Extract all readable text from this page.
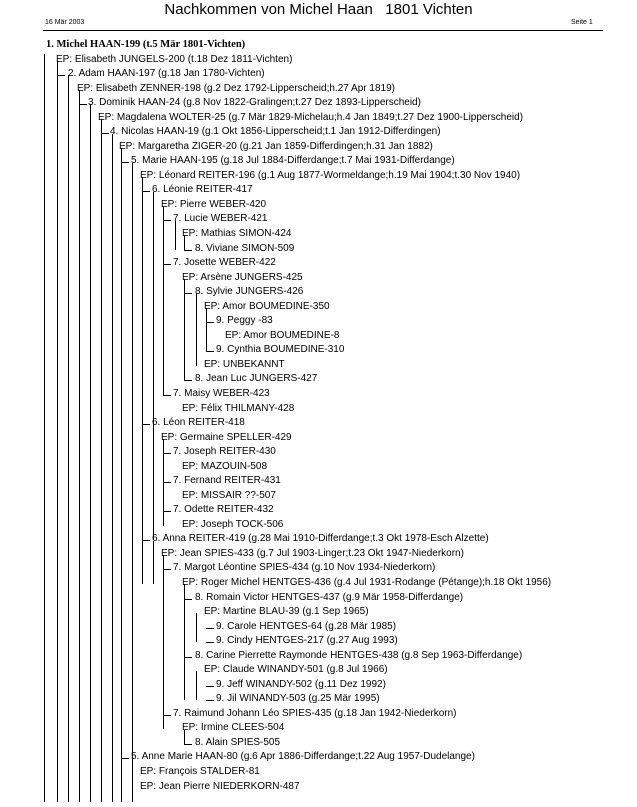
Nachkommen von Michel Haan   1801 Vichten
16 Mär 2003	Seite 1
1. Michel HAAN-199 (t.5 Mär 1801-Vichten)
EP: Elisabeth JUNGELS-200 (t.18 Dez 1811-Vichten)
2. Adam HAAN-197 (g.18 Jan 1780-Vichten)
EP: Elisabeth ZENNER-198 (g.2 Dez 1792-Lipperscheid;h.27 Apr 1819)
3. Dominik HAAN-24 (g.8 Nov 1822-Gralingen;t.27 Dez 1893-Lipperscheid)
EP: Magdalena WOLTER-25 (g.7 Mär 1829-Michelau;h.4 Jan 1849;t.27 Dez 1900-Lipperscheid)
4. Nicolas HAAN-19 (g.1 Okt 1856-Lipperscheid;t.1 Jan 1912-Differdingen)
EP: Margaretha ZIGER-20 (g.21 Jan 1859-Differdingen;h.31 Jan 1882)
5. Marie HAAN-195 (g.18 Jul 1884-Differdange;t.7 Mai 1931-Differdange)
EP: Léonard REITER-196 (g.1 Aug 1877-Wormeldange;h.19 Mai 1904;t.30 Nov 1940)
6. Léonie REITER-417
EP: Pierre WEBER-420
7. Lucie WEBER-421
EP: Mathias SIMON-424
8. Viviane SIMON-509
7. Josette WEBER-422
EP: Arsène JUNGERS-425
8. Sylvie JUNGERS-426
EP: Amor BOUMEDINE-350
9. Peggy -83
EP: Amor BOUMEDINE-8
9. Cynthia BOUMEDINE-310
EP: UNBEKANNT
8. Jean Luc JUNGERS-427
7. Maisy WEBER-423
EP: Félix THILMANY-428
6. Léon REITER-418
EP: Germaine SPELLER-429
7. Joseph REITER-430
EP: MAZOUIN-508
7. Fernand REITER-431
EP: MISSAIR ??-507
7. Odette REITER-432
EP: Joseph TOCK-506
6. Anna REITER-419 (g.28 Mai 1910-Differdange;t.3 Okt 1978-Esch Alzette)
EP: Jean SPIES-433 (g.7 Jul 1903-Linger;t.23 Okt 1947-Niederkorn)
7. Margot Léontine SPIES-434 (g.10 Nov 1934-Niederkorn)
EP: Roger Michel HENTGES-436 (g.4 Jul 1931-Rodange (Pétange);h.18 Okt 1956)
8. Romain Victor HENTGES-437 (g.9 Mär 1958-Differdange)
EP: Martine BLAU-39 (g.1 Sep 1965)
9. Carole HENTGES-64 (g.28 Mär 1985)
9. Cindy HENTGES-217 (g.27 Aug 1993)
8. Carine Pierrette Raymonde HENTGES-438 (g.8 Sep 1963-Differdange)
EP: Claude WINANDY-501 (g.8 Jul 1966)
9. Jeff WINANDY-502 (g.11 Dez 1992)
9. Jil WINANDY-503 (g.25 Mär 1995)
7. Raimund Johann Léo SPIES-435 (g.18 Jan 1942-Niederkorn)
EP: Irmine CLEES-504
8. Alain SPIES-505
5. Anne Marie HAAN-80 (g.6 Apr 1886-Differdange;t.22 Aug 1957-Dudelange)
EP: François STALDER-81
EP: Jean Pierre NIEDERKORN-487
